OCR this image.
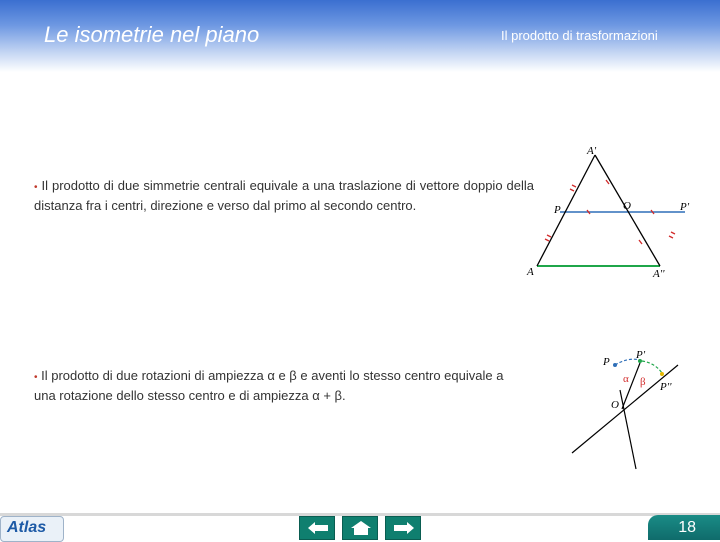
Le isometrie nel piano	Il prodotto di trasformazioni
• Il prodotto di due simmetrie centrali equivale a una traslazione di vettore doppio della distanza fra i centri, direzione e verso dal primo al secondo centro.
• Il prodotto di due rotazioni di ampiezza α e β e aventi lo stesso centro equivale a una rotazione dello stesso centro e di ampiezza α + β.
A'
P	O	P'
A	A''
P
P'
P''
O
α β
Atlas	18
